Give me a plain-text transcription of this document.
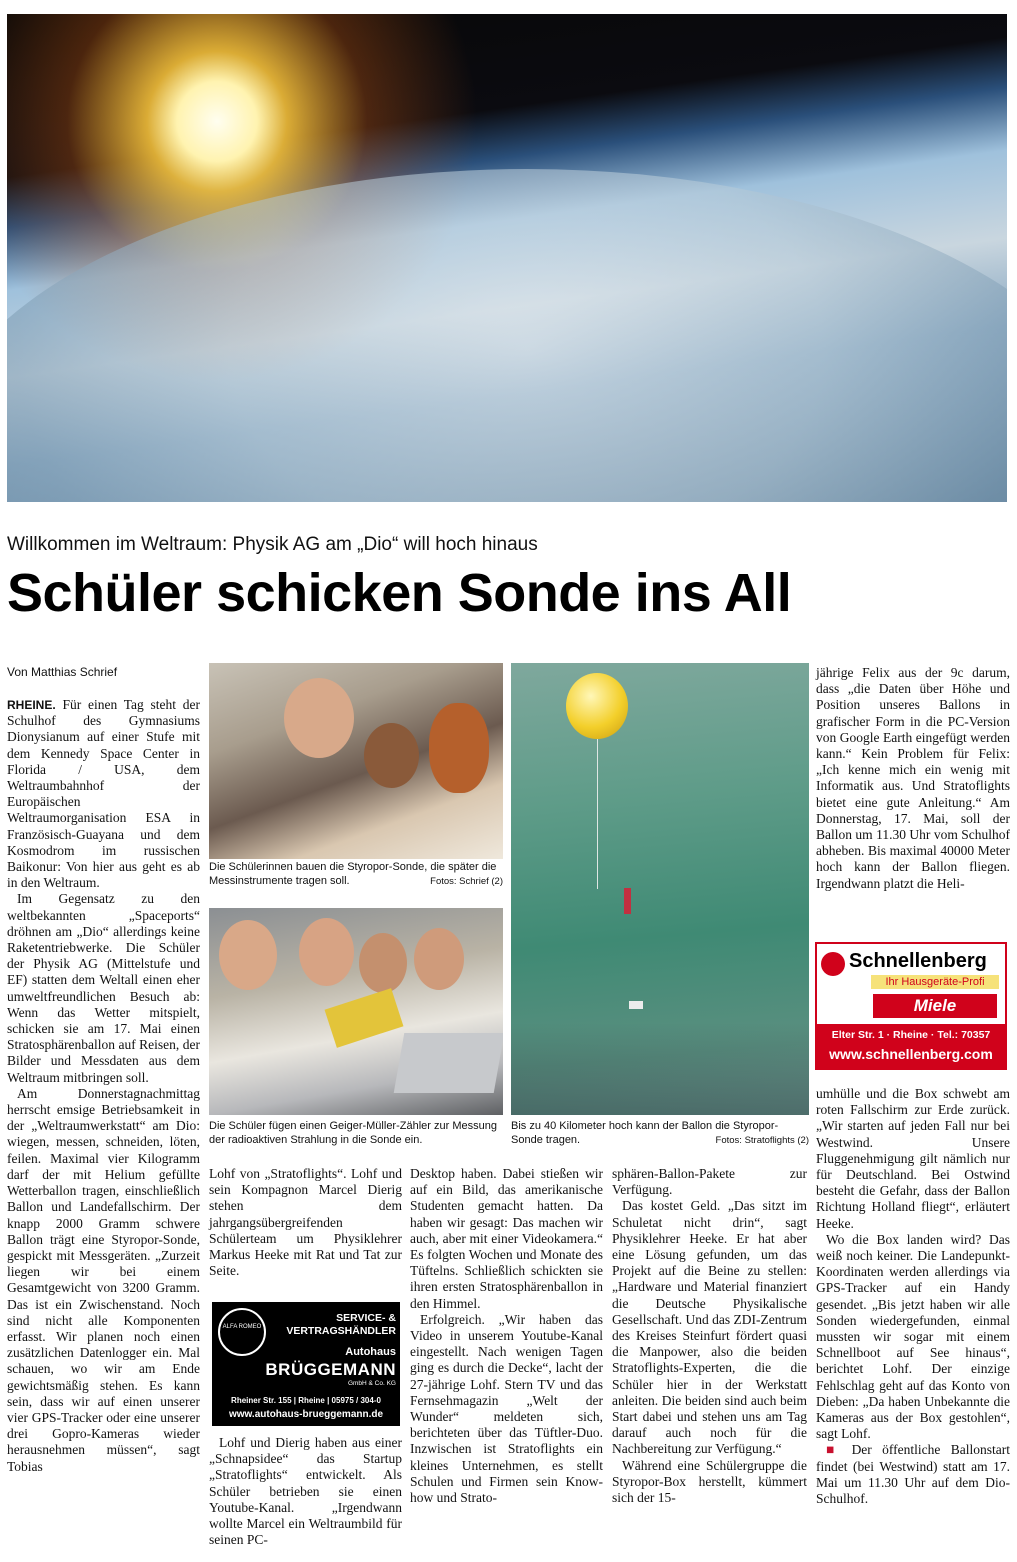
Willkommen im Weltraum: Physik AG am „Dio“ will hoch hinaus
Schüler schicken Sonde ins All
Von Matthias Schrief

RHEINE. Für einen Tag steht der Schulhof des Gymnasiums Dionysianum auf einer Stufe mit dem Kennedy Space Center in Florida / USA, dem Weltraumbahnhof der Europäischen Weltraumorganisation ESA in Französisch-Guayana und dem Kosmodrom im russischen Baikonur: Von hier aus geht es ab in den Weltraum.

Im Gegensatz zu den weltbekannten „Spaceports“ dröhnen am „Dio“ allerdings keine Raketentriebwerke. Die Schüler der Physik AG (Mittelstufe und EF) statten dem Weltall einen eher umweltfreundlichen Besuch ab: Wenn das Wetter mitspielt, schicken sie am 17. Mai einen Stratosphärenballon auf Reisen, der Bilder und Messdaten aus dem Weltraum mitbringen soll.

Am Donnerstagnachmittag herrscht emsige Betriebsamkeit in der „Weltraumwerkstatt“ am Dio: wiegen, messen, schneiden, löten, feilen. Maximal vier Kilogramm darf der mit Helium gefüllte Wetterballon tragen, einschließlich Ballon und Landefallschirm. Der knapp 2000 Gramm schwere Ballon trägt eine Styropor-Sonde, gespickt mit Messgeräten. „Zurzeit liegen wir bei einem Gesamtgewicht von 3200 Gramm. Das ist ein Zwischenstand. Noch sind nicht alle Komponenten erfasst. Wir planen noch einen zusätzlichen Datenlogger ein. Mal schauen, wo wir am Ende gewichtsmäßig stehen. Es kann sein, dass wir auf einen unserer vier GPS-Tracker oder eine unserer drei Gopro-Kameras wieder herausnehmen müssen“, sagt Tobias

Die Schülerinnen bauen die Styropor-Sonde, die später die Messinstrumente tragen soll.	Fotos: Schrief (2)
Die Schüler fügen einen Geiger-Müller-Zähler zur Messung der radioaktiven Strahlung in die Sonde ein.
Bis zu 40 Kilometer hoch kann der Ballon die Styropor-Sonde tragen.	Fotos: Stratoflights (2)

Lohf von „Stratoflights“. Lohf und sein Kompagnon Marcel Dierig stehen dem jahrgangsübergreifenden Schülerteam um Physiklehrer Markus Heeke mit Rat und Tat zur Seite.

ALFA ROMEO
SERVICE- &
VERTRAGSHÄNDLER
Autohaus
BRÜGGEMANN
GmbH & Co. KG
Rheiner Str. 155 | Rheine | 05975 / 304-0
www.autohaus-brueggemann.de

Lohf und Dierig haben aus einer „Schnapsidee“ das Startup „Stratoflights“ entwickelt. Als Schüler betrieben sie einen Youtube-Kanal. „Irgendwann wollte Marcel ein Weltraumbild für seinen PC-

Desktop haben. Dabei stießen wir auf ein Bild, das amerikanische Studenten gemacht hatten. Da haben wir gesagt: Das machen wir auch, aber mit einer Videokamera.“ Es folgten Wochen und Monate des Tüftelns. Schließlich schickten sie ihren ersten Stratosphärenballon in den Himmel.

Erfolgreich. „Wir haben das Video in unserem Youtube-Kanal eingestellt. Nach wenigen Tagen ging es durch die Decke“, lacht der 27-jährige Lohf. Stern TV und das Fernsehmagazin „Welt der Wunder“ meldeten sich, berichteten über das Tüftler-Duo. Inzwischen ist Stratoflights ein kleines Unternehmen, es stellt Schulen und Firmen sein Know-how und Strato-

sphären-Ballon-Pakete zur Verfügung.

Das kostet Geld. „Das sitzt im Schuletat nicht drin“, sagt Physiklehrer Heeke. Er hat aber eine Lösung gefunden, um das Projekt auf die Beine zu stellen: „Hardware und Material finanziert die Deutsche Physikalische Gesellschaft. Und das ZDI-Zentrum des Kreises Steinfurt fördert quasi die Manpower, also die beiden Stratoflights-Experten, die die Schüler hier in der Werkstatt anleiten. Die beiden sind auch beim Start dabei und stehen uns am Tag darauf auch noch für die Nachbereitung zur Verfügung.“

Während eine Schülergruppe die Styropor-Box herstellt, kümmert sich der 15-

jährige Felix aus der 9c darum, dass „die Daten über Höhe und Position unseres Ballons in grafischer Form in die PC-Version von Google Earth eingefügt werden kann.“ Kein Problem für Felix: „Ich kenne mich ein wenig mit Informatik aus. Und Stratoflights bietet eine gute Anleitung.“ Am Donnerstag, 17. Mai, soll der Ballon um 11.30 Uhr vom Schulhof abheben. Bis maximal 40000 Meter hoch kann der Ballon fliegen. Irgendwann platzt die Heli-

Schnellenberg
Ihr Hausgeräte-Profi
Miele
Elter Str. 1 · Rheine · Tel.: 70357
www.schnellenberg.com

umhülle und die Box schwebt am roten Fallschirm zur Erde zurück. „Wir starten auf jeden Fall nur bei Westwind. Unsere Fluggenehmigung gilt nämlich nur für Deutschland. Bei Ostwind besteht die Gefahr, dass der Ballon Richtung Holland fliegt“, erläutert Heeke.

Wo die Box landen wird? Das weiß noch keiner. Die Landepunkt-Koordinaten werden allerdings via GPS-Tracker auf ein Handy gesendet. „Bis jetzt haben wir alle Sonden wiedergefunden, einmal mussten wir sogar mit einem Schnellboot auf See hinaus“, berichtet Lohf. Der einzige Fehlschlag geht auf das Konto von Dieben: „Da haben Unbekannte die Kameras aus der Box gestohlen“, sagt Lohf.

■ Der öffentliche Ballonstart findet (bei Westwind) statt am 17. Mai um 11.30 Uhr auf dem Dio-Schulhof.
